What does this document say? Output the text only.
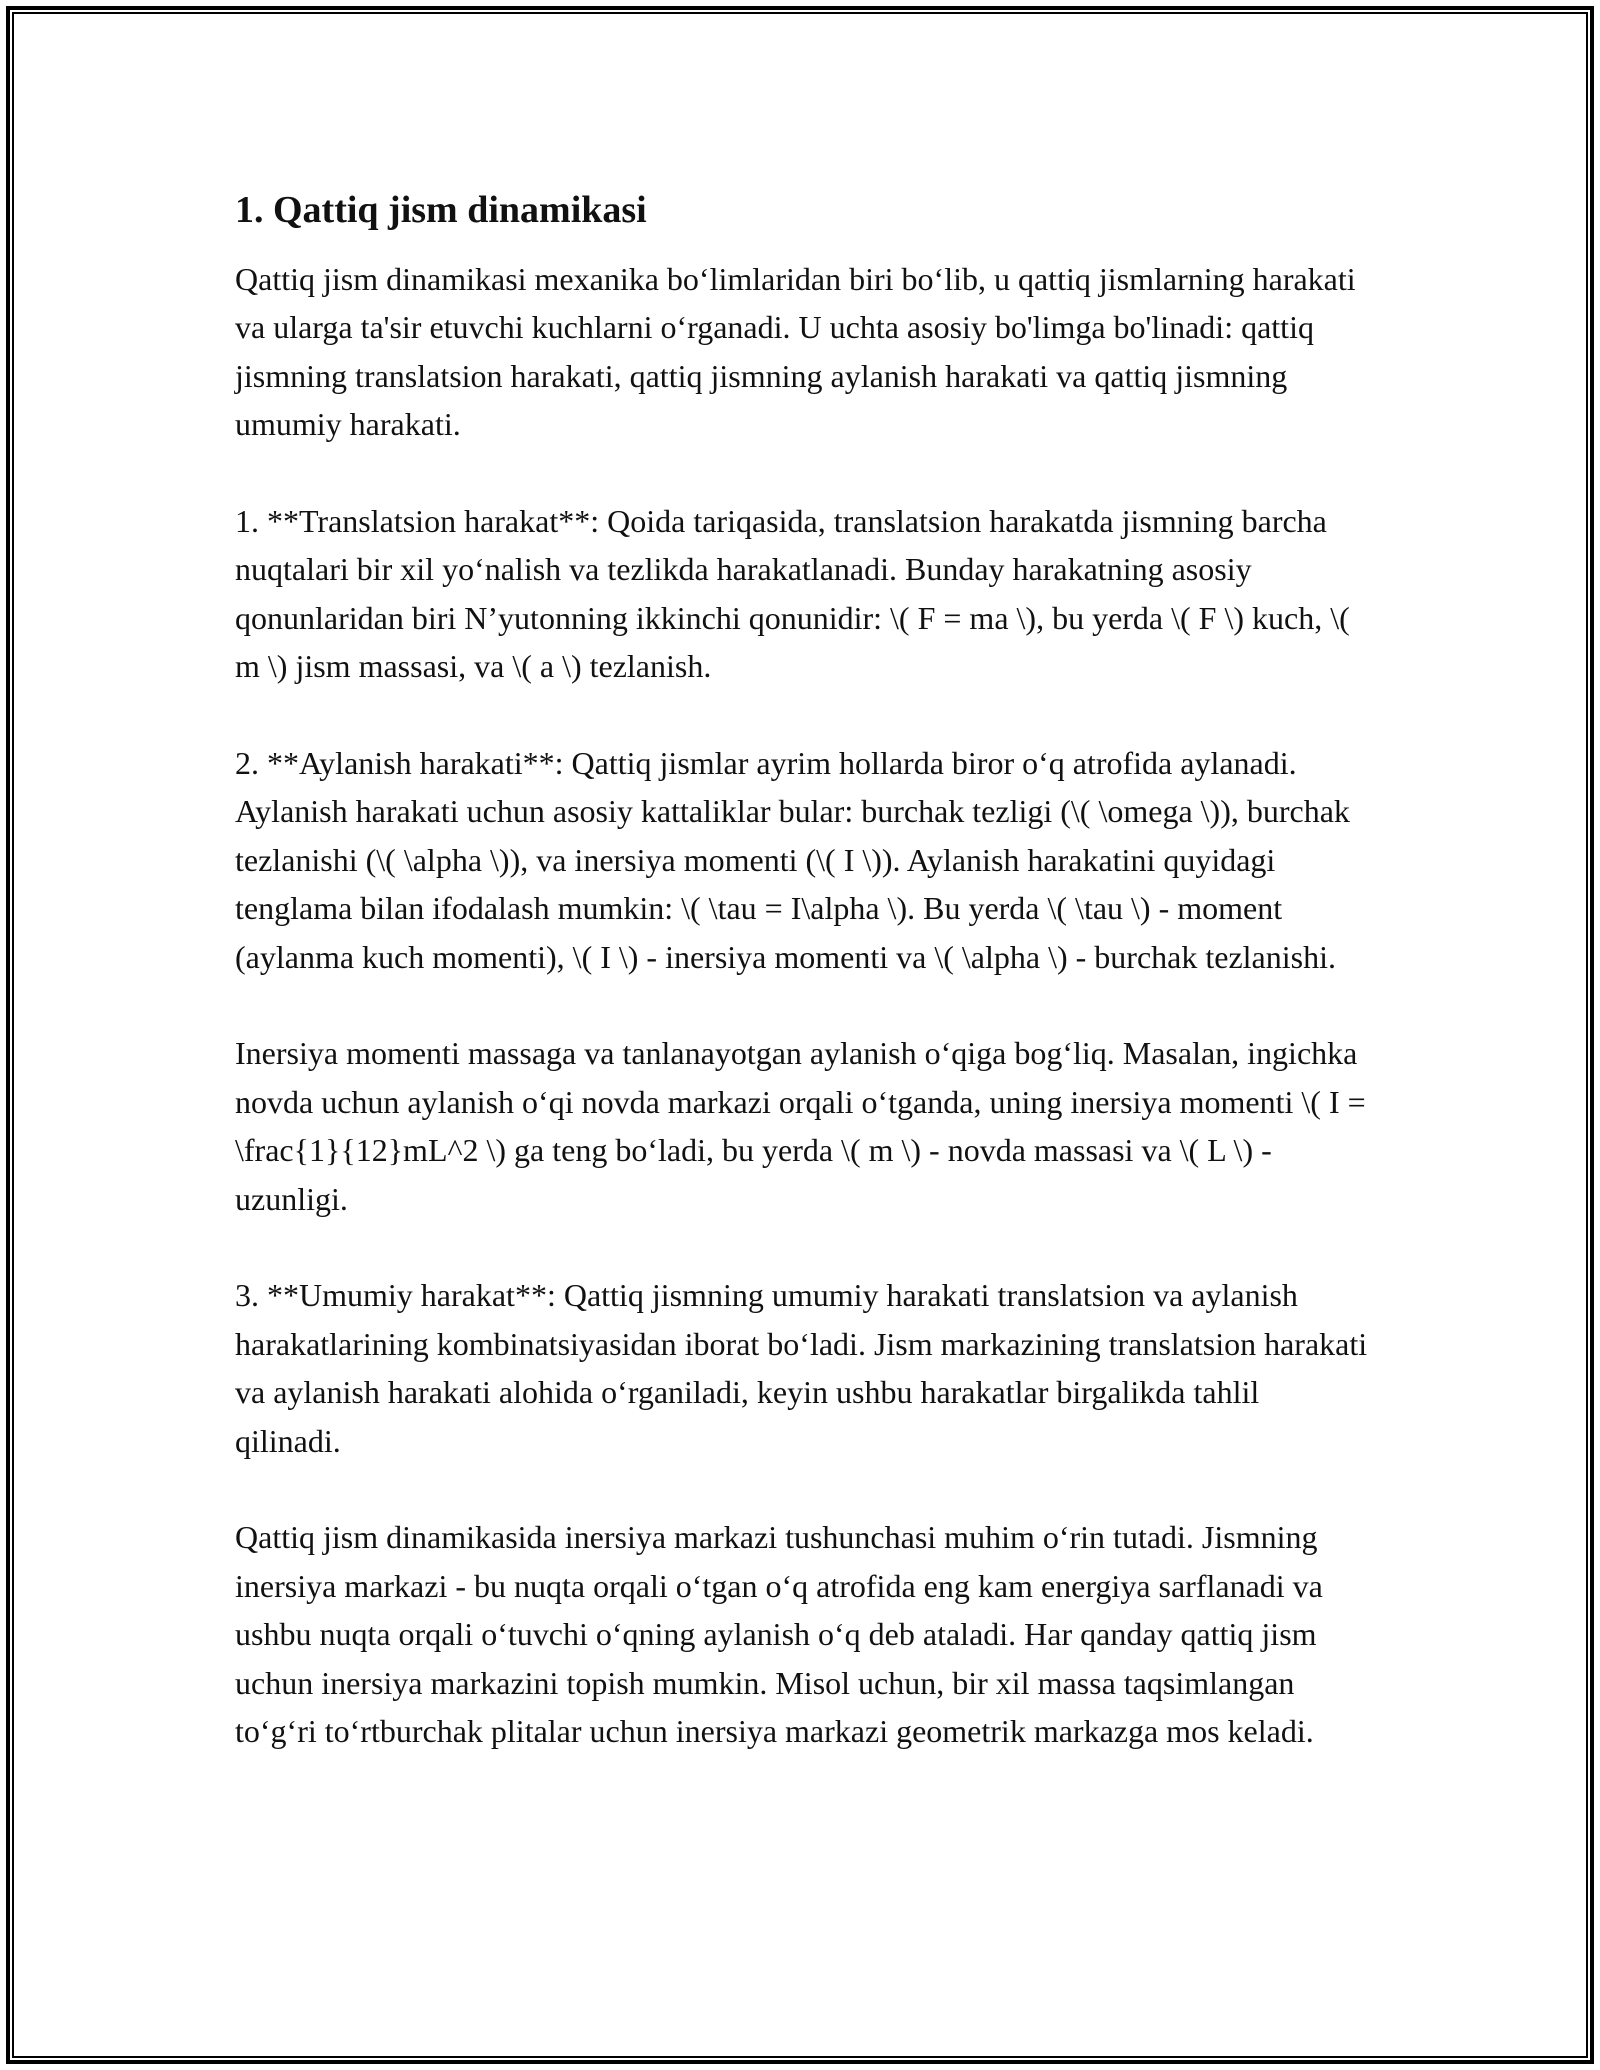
1. Qattiq jism dinamikasi

Qattiq jism dinamikasi mexanika boʻlimlaridan biri boʻlib, u qattiq jismlarning harakati va ularga ta'sir etuvchi kuchlarni oʻrganadi. U uchta asosiy bo'limga bo'linadi: qattiq jismning translatsion harakati, qattiq jismning aylanish harakati va qattiq jismning umumiy harakati.

1. **Translatsion harakat**: Qoida tariqasida, translatsion harakatda jismning barcha nuqtalari bir xil yoʻnalish va tezlikda harakatlanadi. Bunday harakatning asosiy qonunlaridan biri N’yutonning ikkinchi qonunidir: \( F = ma \), bu yerda \( F \) kuch, \( m \) jism massasi, va \( a \) tezlanish.

2. **Aylanish harakati**: Qattiq jismlar ayrim hollarda biror oʻq atrofida aylanadi. Aylanish harakati uchun asosiy kattaliklar bular: burchak tezligi (\( \omega \)), burchak tezlanishi (\( \alpha \)), va inersiya momenti (\( I \)). Aylanish harakatini quyidagi tenglama bilan ifodalash mumkin: \( \tau = I\alpha \). Bu yerda \( \tau \) - moment (aylanma kuch momenti), \( I \) - inersiya momenti va \( \alpha \) - burchak tezlanishi.

Inersiya momenti massaga va tanlanayotgan aylanish oʻqiga bogʻliq. Masalan, ingichka novda uchun aylanish oʻqi novda markazi orqali oʻtganda, uning inersiya momenti \( I = \frac{1}{12}mL^2 \) ga teng boʻladi, bu yerda \( m \) - novda massasi va \( L \) - uzunligi.

3. **Umumiy harakat**: Qattiq jismning umumiy harakati translatsion va aylanish harakatlarining kombinatsiyasidan iborat boʻladi. Jism markazining translatsion harakati va aylanish harakati alohida oʻrganiladi, keyin ushbu harakatlar birgalikda tahlil qilinadi.

Qattiq jism dinamikasida inersiya markazi tushunchasi muhim oʻrin tutadi. Jismning inersiya markazi - bu nuqta orqali oʻtgan oʻq atrofida eng kam energiya sarflanadi va ushbu nuqta orqali oʻtuvchi oʻqning aylanish oʻq deb ataladi. Har qanday qattiq jism uchun inersiya markazini topish mumkin. Misol uchun, bir xil massa taqsimlangan toʻgʻri toʻrtburchak plitalar uchun inersiya markazi geometrik markazga mos keladi.
